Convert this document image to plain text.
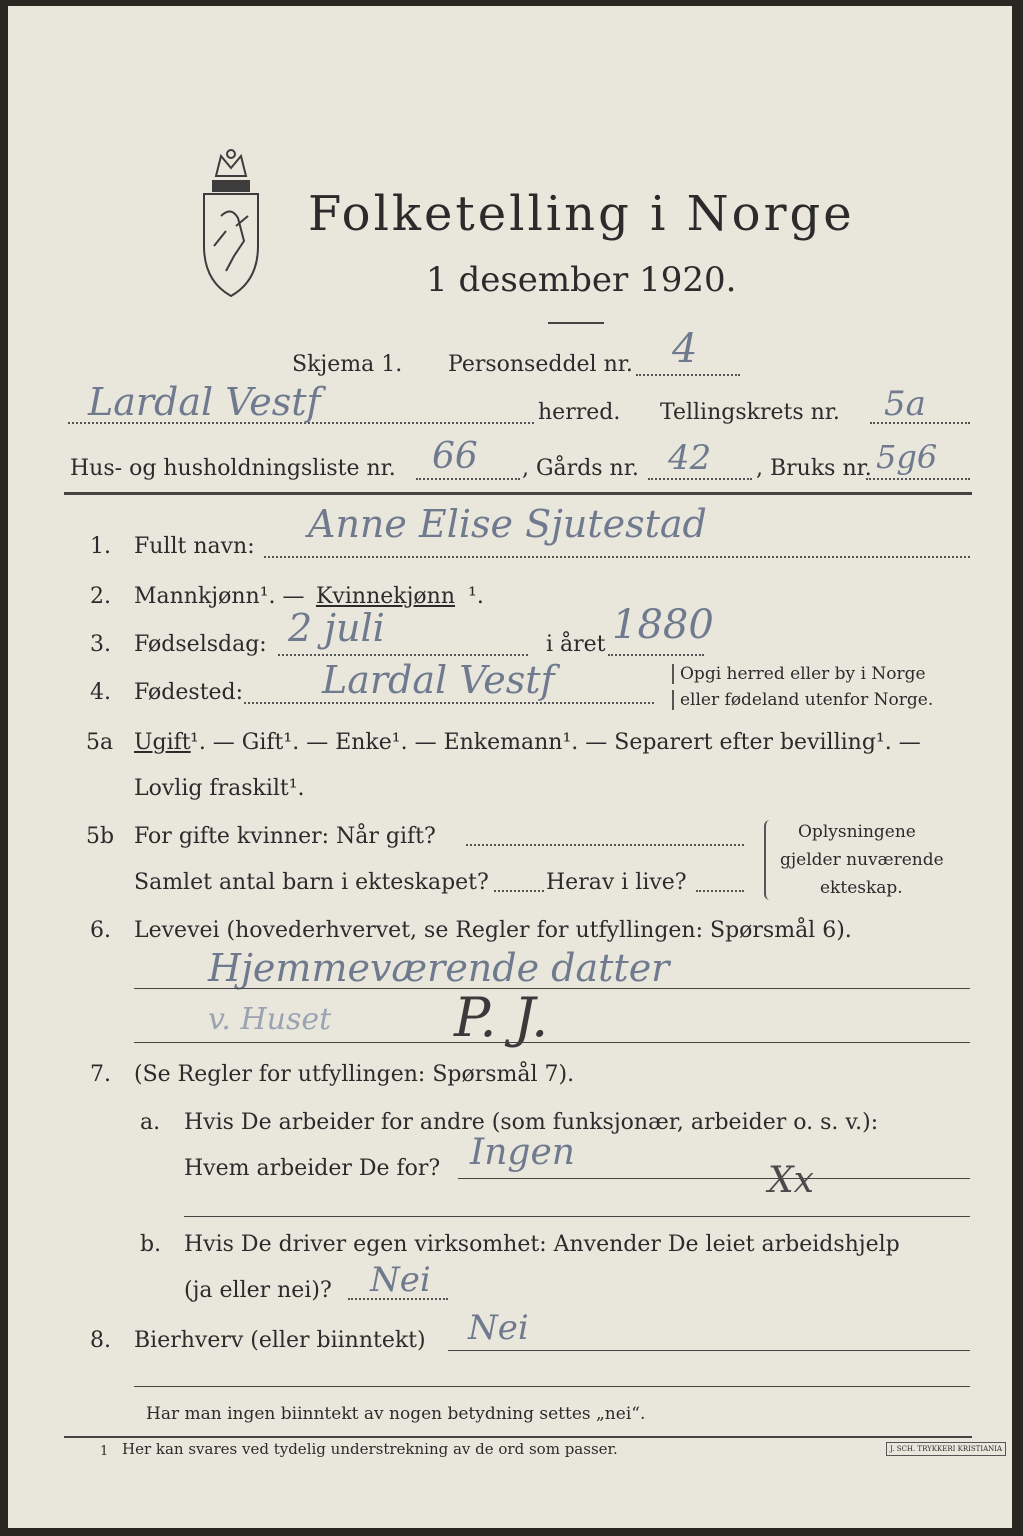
Folketelling i Norge
1 desember 1920.
Skjema 1. Personseddel nr. 4
Lardal Vestf	herred. Tellingskrets nr. 5a
Hus- og husholdningsliste nr. 66 , Gårds nr. 42 , Bruks nr. 5g6
1. Fullt navn:
Anne Elise Sjutestad
2. Mannkjønn¹. — Kvinnekjønn ¹.
3. Fødselsdag: 2 juli	i året 1880
4. Fødested: Lardal Vestf	Opgi herred eller by i Norge
eller fødeland utenfor Norge.
5a Ugift ¹. — Gift¹. — Enke¹. — Enkemann¹. — Separert efter bevilling¹. —
Lovlig fraskilt¹.
5b For gifte kvinner: Når gift?
Samlet antal barn i ekteskapet?	Herav i live?
Oplysningene
gjelder nuværende
ekteskap.
6. Levevei (hovederhvervet, se Regler for utfyllingen: Spørsmål 6).
Hjemmeværende datter
v. Huset P. J.
7. (Se Regler for utfyllingen: Spørsmål 7).
a. Hvis De arbeider for andre (som funksjonær, arbeider o. s. v.):
Hvem arbeider De for? Ingen
Xx
b. Hvis De driver egen virksomhet: Anvender De leiet arbeidshjelp
(ja eller nei)? Nei
8. Bierhverv (eller biinntekt) Nei
Har man ingen biinntekt av nogen betydning settes „nei“.
1 Her kan svares ved tydelig understrekning av de ord som passer.	J. SCH. TRYKKERI KRISTIANIA
